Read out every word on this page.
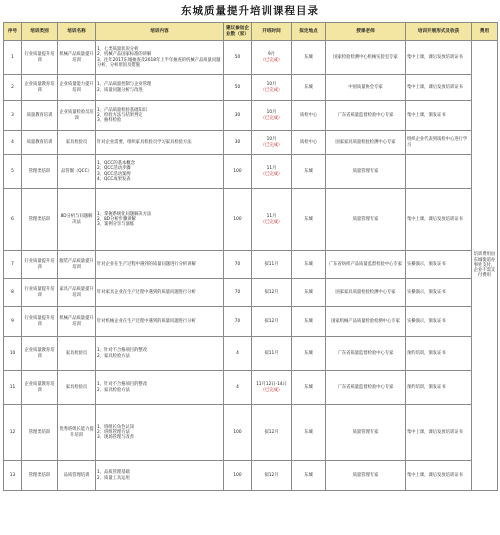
东城质量提升培训课程目录
序号	培训类别	培训名称	培训内容	建议参加企业数（家）	开班时间	拟定地点	授课老师	培训开展形式及收获	费用
1	行业质量提升培训	机械产品质量提升培训	1、七类质量状况分析
2、机械产品国家标准的讲解
3、往年2017东城抽查及2018年上半年抽查的机械产品质量问题分析，分析原因及措施	50	9月
（已完成）	东城	国家检验检测中心机械实验室专家	集中上课，课后发放培训证书	培训费用由东城街道办事处支付，企业不需支付费用
2	企业质量教育培训	企业质量能力提升培训	1、产品质量控制与企业管理
2、质量问题分析与改进	50	10月
（已完成）	东城	中国质量协会专家	集中上课，课后发放培训证书	
3	质量教育培训	企业质量检验员培训	1、产品质量检验基础知识
2、检验方法与结果判定
3、抽样检验	30	10月
（已完成）	质检中心	广东省质量监督检验中心专家	集中上课，颁发证书	
4	质量教育培训	家具检验员	针对企业需要，组织家具检验员学习家具检验方法	30	10月
（已完成）	质检中心	国家家具质量检验检测中心专家	组织企业代表到质检中心进行学习	
5	管理类培训	品管圈（QCC）	1、QCC的基本概念
2、QCC活动步骤
3、QCC活动案例
4、QCC成果发表	100	11月
（已完成）	东城	质量管理专家		
6	管理类培训	8D分析与问题解决法	1、掌握系统化问题解决方法
2、8D分析步骤讲解
3、案例分享与演练	100	11月
（已完成）	东城	质量管理专家	集中上课，课后发放培训证书	
7	行业质量提升培训	服装产品质量提升培训	针对企业在生产过程中遇到的质量问题进行分析讲解	70	拟11月	东城	广东省纺织产品质量监督检验中心专家	实操演示，颁发证书	
8	行业质量提升培训	家具产品质量提升培训	针对家具企业在生产过程中遇到的质量问题进行分析	70	拟12月	东城	国家家具质量检验检测中心专家	实操演示，颁发证书	
9	行业质量提升培训	机械产品质量提升培训	针对机械企业在生产过程中遇到的质量问题进行分析	70	拟12月	东城	国家机械产品质量检验检测中心专家	实操演示，颁发证书	
10	企业质量教育培训	家具检验员	1、针对不合格项目的整改
2、家具检验方法	4	拟11月	东城	广东省质量监督检验中心专家	预约培训，颁发证书	
11	企业质量教育培训	家具检验员	1、针对不合格项目的整改
2、家具检验方法	4	11月12日-14日
（已完成）	东城	广东省质量监督检验中心专家	预约培训，颁发证书	
12	管理类培训	优秀班组长能力提升培训	1、班组长角色认知
2、班组管理方法
3、现场管理与改善	100	拟12月	东城	质量管理专家	集中上课，课后发放培训证书	
13	管理类培训	品质管理培训	1、品质管理基础
2、质量工具运用	100	拟12月	东城	质量管理专家	集中上课，课后发放培训证书	
